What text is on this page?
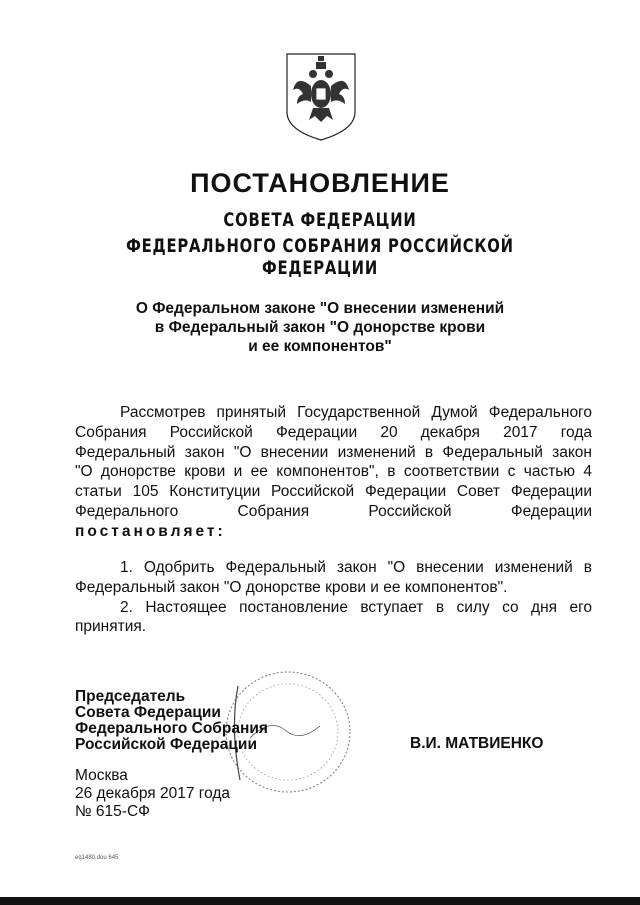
ПОСТАНОВЛЕНИЕ
СОВЕТА ФЕДЕРАЦИИ
ФЕДЕРАЛЬНОГО СОБРАНИЯ РОССИЙСКОЙ ФЕДЕРАЦИИ
О Федеральном законе "О внесении изменений
в Федеральный закон "О донорстве крови
и ее компонентов"
Рассмотрев принятый Государственной Думой Федерального
Собрания Российской Федерации 20 декабря 2017 года
Федеральный закон "О внесении изменений в Федеральный закон
"О донорстве крови и ее компонентов", в соответствии с частью 4
статьи 105 Конституции Российской Федерации Совет Федерации
Федерального Собрания Российской Федерации
постановляет:
1. Одобрить Федеральный закон "О внесении изменений в
Федеральный закон "О донорстве крови и ее компонентов".
2. Настоящее постановление вступает в силу со дня его
принятия.
Председатель
Совета Федерации
Федерального Собрания
Российской Федерации	В.И. МАТВИЕНКО
Москва
26 декабря 2017 года
№ 615-СФ
eq1480.dou 645
